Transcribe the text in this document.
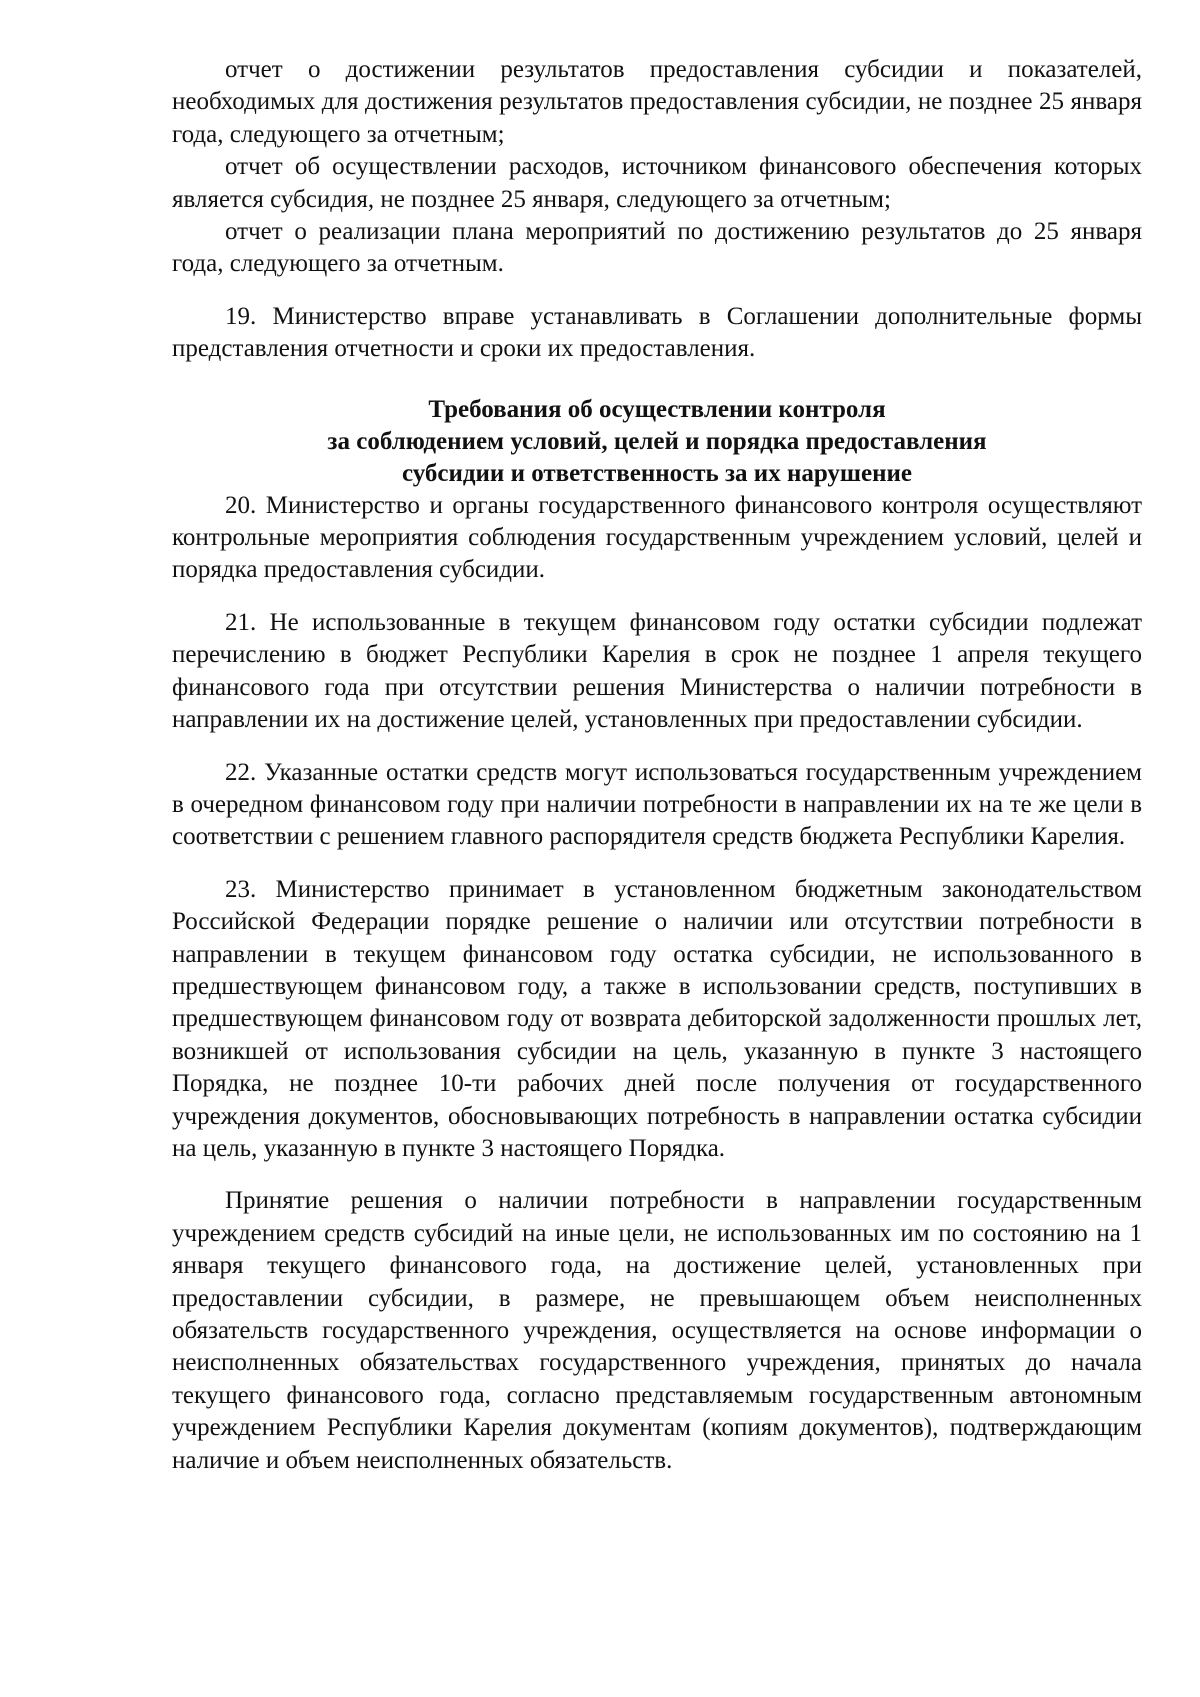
отчет о достижении результатов предоставления субсидии и показателей, необходимых для достижения результатов предоставления субсидии, не позднее 25 января года, следующего за отчетным;

отчет об осуществлении расходов, источником финансового обеспечения которых является субсидия, не позднее 25 января, следующего за отчетным;

отчет о реализации плана мероприятий по достижению результатов до 25 января года, следующего за отчетным.

19. Министерство вправе устанавливать в Соглашении дополнительные формы представления отчетности и сроки их предоставления.

Требования об осуществлении контроля
за соблюдением условий, целей и порядка предоставления
субсидии и ответственность за их нарушение

20. Министерство и органы государственного финансового контроля осуществляют контрольные мероприятия соблюдения государственным учреждением условий, целей и порядка предоставления субсидии.

21. Не использованные в текущем финансовом году остатки субсидии подлежат перечислению в бюджет Республики Карелия в срок не позднее 1 апреля текущего финансового года при отсутствии решения Министерства о наличии потребности в направлении их на достижение целей, установленных при предоставлении субсидии.

22. Указанные остатки средств могут использоваться государственным учреждением в очередном финансовом году при наличии потребности в направлении их на те же цели в соответствии с решением главного распорядителя средств бюджета Республики Карелия.

23. Министерство принимает в установленном бюджетным законодательством Российской Федерации порядке решение о наличии или отсутствии потребности в направлении в текущем финансовом году остатка субсидии, не использованного в предшествующем финансовом году, а также в использовании средств, поступивших в предшествующем финансовом году от возврата дебиторской задолженности прошлых лет, возникшей от использования субсидии на цель, указанную в пункте 3 настоящего Порядка, не позднее 10-ти рабочих дней после получения от государственного учреждения документов, обосновывающих потребность в направлении остатка субсидии на цель, указанную в пункте 3 настоящего Порядка.

Принятие решения о наличии потребности в направлении государственным учреждением средств субсидий на иные цели, не использованных им по состоянию на 1 января текущего финансового года, на достижение целей, установленных при предоставлении субсидии, в размере, не превышающем объем неисполненных обязательств государственного учреждения, осуществляется на основе информации о неисполненных обязательствах государственного учреждения, принятых до начала текущего финансового года, согласно представляемым государственным автономным учреждением Республики Карелия документам (копиям документов), подтверждающим наличие и объем неисполненных обязательств.
